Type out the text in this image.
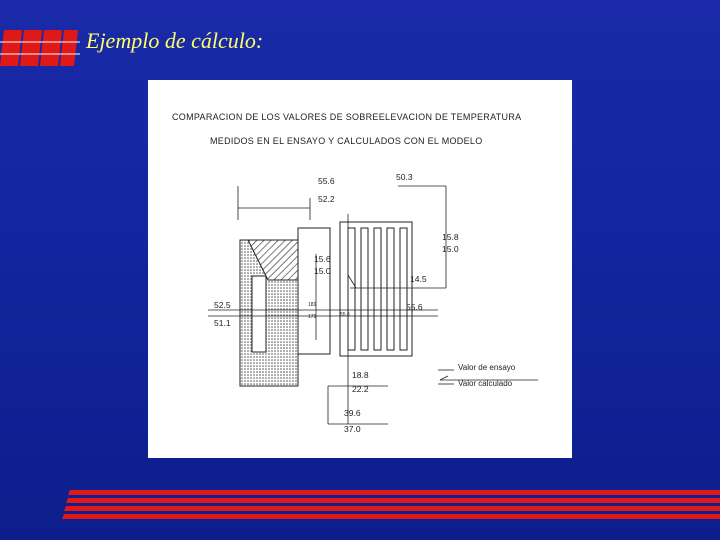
Ejemplo de cálculo:
COMPARACION DE LOS VALORES DE SOBREELEVACION DE TEMPERATURA
MEDIDOS EN EL ENSAYO Y CALCULADOS CON EL MODELO
55.6	50.3
52.2
15.8
15.0
15.6
15.0
14.5
52.5
51.1
55.6
18.8
22.2
39.6
37.0
181
171	55.6
Valor de ensayo
Valor calculado
